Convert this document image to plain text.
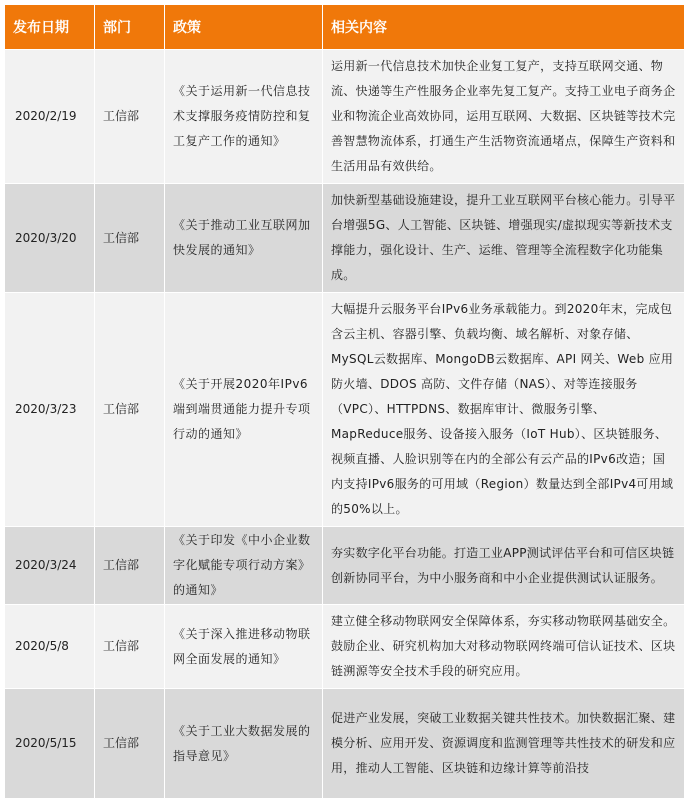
发布日期	部门	政策	相关内容
2020/2/19	工信部	《关于运用新一代信息技术支撑服务疫情防控和复工复产工作的通知》	运用新一代信息技术加快企业复工复产，支持互联网交通、物流、快递等生产性服务企业率先复工复产。支持工业电子商务企业和物流企业高效协同，运用互联网、大数据、区块链等技术完善智慧物流体系，打通生产生活物资流通堵点，保障生产资料和生活用品有效供给。
2020/3/20	工信部	《关于推动工业互联网加快发展的通知》	加快新型基础设施建设，提升工业互联网平台核心能力。引导平台增强5G、人工智能、区块链、增强现实/虚拟现实等新技术支撑能力，强化设计、生产、运维、管理等全流程数字化功能集成。
2020/3/23	工信部	《关于开展2020年IPv6端到端贯通能力提升专项行动的通知》	大幅提升云服务平台IPv6业务承载能力。到2020年末，完成包含云主机、容器引擎、负载均衡、域名解析、对象存储、MySQL云数据库、MongoDB云数据库、API 网关、Web 应用防火墙、DDOS 高防、文件存储（NAS）、对等连接服务（VPC）、HTTPDNS、数据库审计、微服务引擎、MapReduce服务、设备接入服务（IoT Hub）、区块链服务、视频直播、人脸识别等在内的全部公有云产品的IPv6改造；国内支持IPv6服务的可用域（Region）数量达到全部IPv4可用域的50%以上。
2020/3/24	工信部	《关于印发《中小企业数字化赋能专项行动方案》的通知》	夯实数字化平台功能。打造工业APP测试评估平台和可信区块链创新协同平台，为中小服务商和中小企业提供测试认证服务。
2020/5/8	工信部	《关于深入推进移动物联网全面发展的通知》	建立健全移动物联网安全保障体系，夯实移动物联网基础安全。鼓励企业、研究机构加大对移动物联网终端可信认证技术、区块链溯源等安全技术手段的研究应用。
2020/5/15	工信部	《关于工业大数据发展的指导意见》	促进产业发展，突破工业数据关键共性技术。加快数据汇聚、建模分析、应用开发、资源调度和监测管理等共性技术的研发和应用，推动人工智能、区块链和边缘计算等前沿技
